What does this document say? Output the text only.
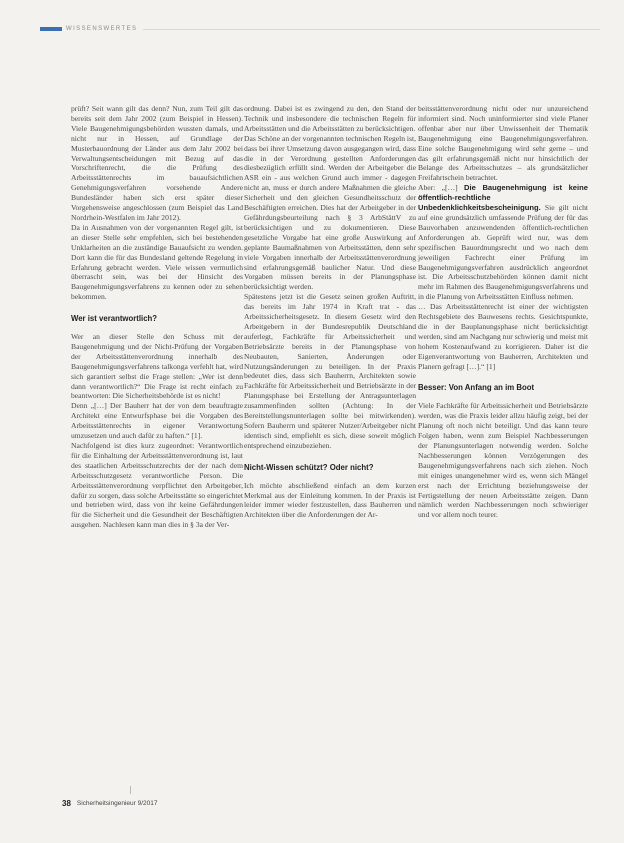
WISSENSWERTES

prüft? Seit wann gilt das denn? Nun, zum Teil gilt das bereits seit dem Jahr 2002 (zum Beispiel in Hessen). Viele Baugenehmigungsbehörden wussten damals, und nicht nur in Hessen, auf Grundlage der Musterbauordnung der Länder aus dem Jahr 2002 bei Verwaltungsentscheidungen mit Bezug auf das Vorschriftenrecht, die die Prüfung des Arbeitsstättenrechts im bauaufsichtlichen Genehmigungsverfahren vorsehende Andere Bundesländer haben sich erst später dieser Vorgehensweise angeschlossen (zum Beispiel das Land Nordrhein-Westfalen im Jahr 2012).

Da in Ausnahmen von der vorgenannten Regel gilt, ist an dieser Stelle sehr empfehlen, sich bei bestehenden Unklarheiten an die zuständige Bauaufsicht zu wenden. Dort kann die für das Bundesland geltende Regelung in Erfahrung gebracht werden. Viele wissen vermutlich überrascht sein, was bei der Hinsicht des Baugenehmigungsverfahrens zu kennen oder zu sehen bekommen.

Wer ist verantwortlich?

Wer an dieser Stelle den Schuss mit der Baugenehmigung und der Nicht-Prüfung der Vorgaben der Arbeitsstättenverordnung innerhalb des Baugenehmigungsverfahrens talkonga verfehlt hat, wird sich garantiert selbst die Frage stellen: „Wer ist denn dann verantwortlich?“ Die Frage ist recht einfach zu beantworten: Die Sicherheitsbehörde ist es nicht!

Denn „[…] Der Bauherr hat der von dem beauftragte Architekt eine Entwurfsphase bei die Vorgaben des Arbeitsstättenrechts in eigener Verantwortung umzusetzen und auch dafür zu haften.“ [1].

Nachfolgend ist dies kurz zugeordnet: Verantwortlich für die Einhaltung der Arbeitsstättenverordnung ist, laut des staatlichen Arbeitsschutzrechts der der nach dem Arbeitsschutzgesetz verantwortliche Person. Die Arbeitsstättenverordnung verpflichtet den Arbeitgeber, dafür zu sorgen, dass solche Arbeitsstätte so eingerichtet und betrieben wird, dass von ihr keine Gefährdungen für die Sicherheit und die Gesundheit der Beschäftigten ausgehen. Nachlesen kann man dies in § 3a der Ver-

ordnung. Dabei ist es zwingend zu den, den Stand der Technik und insbesondere die technischen Regeln für Arbeitsstätten und die Arbeitsstätten zu berücksichtigen.

Das Schöne an der vorgenannten technischen Regeln ist, dass bei ihrer Umsetzung davon ausgegangen wird, dass die in der Verordnung gestellten Anforderungen diesbezüglich erfüllt sind. Werden der Arbeitgeber die ASR ein - aus welchen Grund auch immer - dagegen nicht an, muss er durch andere Maßnahmen die gleiche Sicherheit und den gleichen Gesundheitsschutz der Beschäftigten erreichen. Dies hat der Arbeitgeber in der Gefährdungsbeurteilung nach § 3 ArbStättV zu berücksichtigen und zu dokumentieren. Diese gesetzliche Vorgabe hat eine große Auswirkung auf geplante Baumaßnahmen von Arbeitsstätten, denn sehr viele Vorgaben innerhalb der Arbeitsstättenverordnung sind erfahrungsgemäß baulicher Natur. Und diese Vorgaben müssen bereits in der Planungsphase berücksichtigt werden.

Spätestens jetzt ist die Gesetz seinen großen Auftritt, das bereits im Jahr 1974 in Kraft trat - das Arbeitssicherheitsgesetz. In diesem Gesetz wird den Arbeitgebern in der Bundesrepublik Deutschland auferlegt, Fachkräfte für Arbeitssicherheit und Betriebsärzte bereits in der Planungsphase von Neubauten, Sanierten, Änderungen oder Nutzungsänderungen zu beteiligen. In der Praxis bedeutet dies, dass sich Bauherrn, Architekten sowie Fachkräfte für Arbeitssicherheit und Betriebsärzte in der Planungsphase bei Erstellung der Antragsunterlagen zusammenfinden sollten (Achtung: In der Bereitstellungsnunterlagen sollte bei mitwirkenden). Sofern Bauherrn und späterer Nutzer/Arbeitgeber nicht identisch sind, empfiehlt es sich, diese soweit möglich entsprechend einzubeziehen.

Nicht-Wissen schützt? Oder nicht?

Ich möchte abschließend einfach an dem kurzen Merkmal aus der Einleitung kommen. In der Praxis ist leider immer wieder festzustellen, dass Bauherren und Architekten über die Anforderungen der Ar-

beitsstättenverordnung nicht oder nur unzureichend informiert sind. Noch uninformierter sind viele Planer offenbar aber nur über Unwissenheit der Thematik Baugenehmigung eine Baugenehmigungsverfahren. Eine solche Baugenehmigung wird sehr gerne – und das gilt erfahrungsgemäß nicht nur hinsichtlich der Belange des Arbeitsschutzes – als grundsätzlicher Freifahrtschein betrachtet.

Aber: „[…] Die Baugenehmigung ist keine öffentlich-rechtliche Unbedenklichkeitsbescheinigung. Sie gilt nicht auf eine grundsätzlich umfassende Prüfung der für das Bauvorhaben anzuwendenden öffentlich-rechtlichen Anforderungen ab. Geprüft wird nur, was dem spezifischen Bauordnungsrecht und wo nach dem jeweiligen Fachrecht einer Prüfung im Baugenehmigungsverfahren ausdrücklich angeordnet ist. Die Arbeitsschutzbehörden können damit nicht mehr im Rahmen des Baugenehmigungsverfahrens und in die Planung von Arbeitsstätten Einfluss nehmen.

… Das Arbeitsstättenrecht ist einer der wichtigsten Rechtsgebiete des Bauwesens rechts. Gesichtspunkte, die in der Bauplanungsphase nicht berücksichtigt werden, sind am Nachgang nur schwierig und meist mit hohem Kostenaufwand zu korrigieren. Daher ist die Eigenverantwortung von Bauherren, Architekten und Planern gefragt […].“ [1]

Besser: Von Anfang an im Boot

Viele Fachkräfte für Arbeitssicherheit und Betriebsärzte werden, was die Praxis leider allzu häufig zeigt, bei der Planung oft noch nicht beteiligt. Und das kann teure Folgen haben, wenn zum Beispiel Nachbesserungen der Planungsunterlagen notwendig werden. Solche Nachbesserungen können Verzögerungen des Baugenehmigungsverfahrens nach sich ziehen. Noch mit einiges unangenehmer wird es, wenn sich Mängel erst nach der Errichtung beziehungsweise der Fertigstellung der neuen Arbeitsstätte zeigen. Dann nämlich werden Nachbesserungen noch schwieriger und vor allem noch teurer.

38 Sicherheitsingenieur 9/2017
